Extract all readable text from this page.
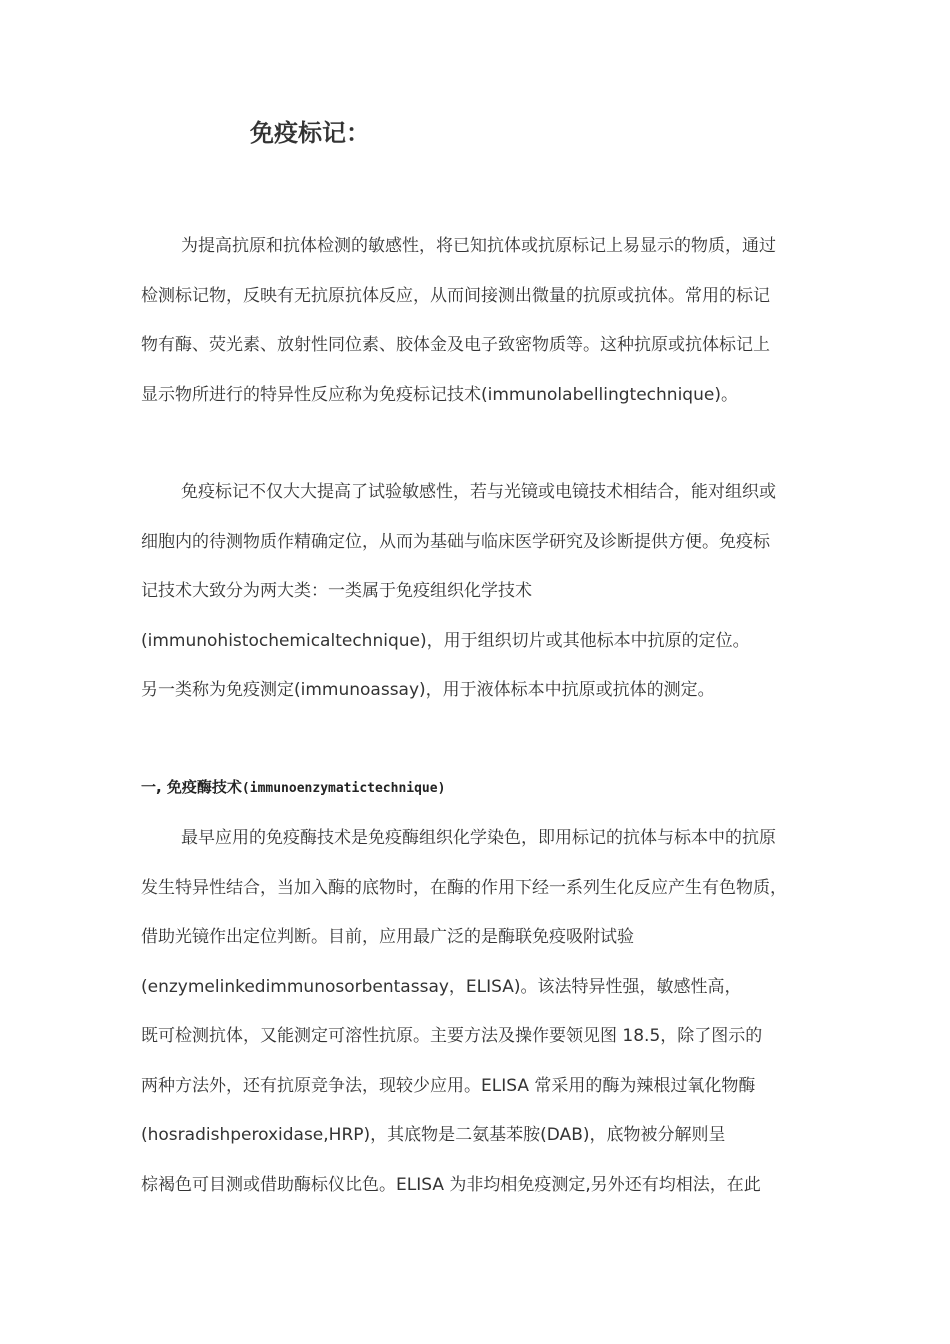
免疫标记：
为提高抗原和抗体检测的敏感性，将已知抗体或抗原标记上易显示的物质，通过
检测标记物，反映有无抗原抗体反应，从而间接测出微量的抗原或抗体。常用的标记
物有酶、荧光素、放射性同位素、胶体金及电子致密物质等。这种抗原或抗体标记上
显示物所进行的特异性反应称为免疫标记技术(immunolabellingtechnique)。
免疫标记不仅大大提高了试验敏感性，若与光镜或电镜技术相结合，能对组织或
细胞内的待测物质作精确定位，从而为基础与临床医学研究及诊断提供方便。免疫标
记技术大致分为两大类：一类属于免疫组织化学技术
(immunohistochemicaltechnique)，用于组织切片或其他标本中抗原的定位。
另一类称为免疫测定(immunoassay)，用于液体标本中抗原或抗体的测定。
一, 免疫酶技术(immunoenzymatictechnique)
最早应用的免疫酶技术是免疫酶组织化学染色，即用标记的抗体与标本中的抗原
发生特异性结合，当加入酶的底物时，在酶的作用下经一系列生化反应产生有色物质，
借助光镜作出定位判断。目前，应用最广泛的是酶联免疫吸附试验
(enzymelinkedimmunosorbentassay，ELISA)。该法特异性强，敏感性高，
既可检测抗体，又能测定可溶性抗原。主要方法及操作要领见图 18.5，除了图示的
两种方法外，还有抗原竞争法，现较少应用。ELISA 常采用的酶为辣根过氧化物酶
(hosradishperoxidase,HRP)，其底物是二氨基苯胺(DAB)，底物被分解则呈
棕褐色可目测或借助酶标仪比色。ELISA 为非均相免疫测定,另外还有均相法，在此
